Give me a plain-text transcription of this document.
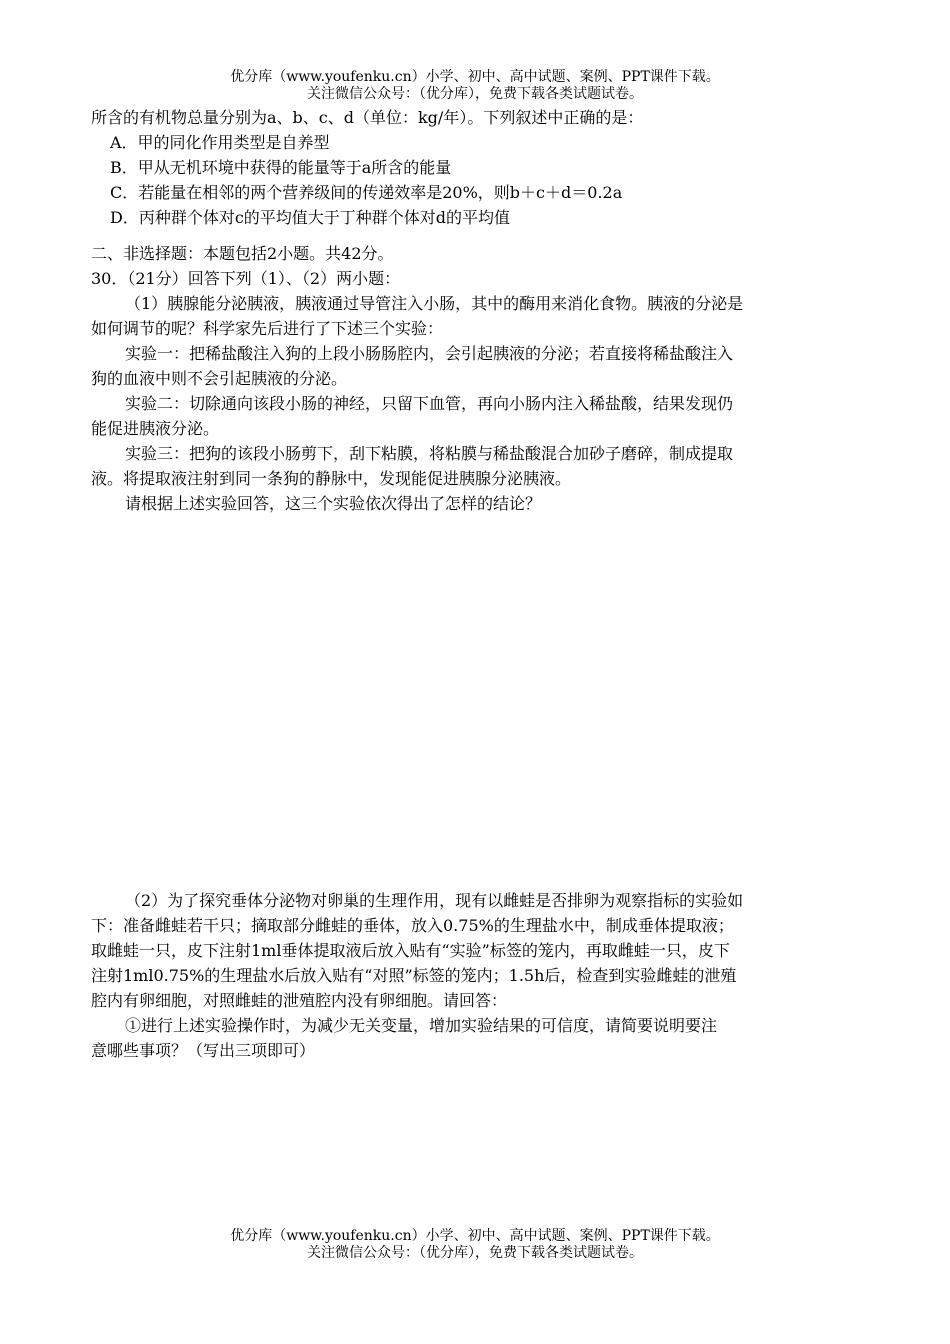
优分库（www.youfenku.cn）小学、初中、高中试题、案例、PPT课件下载。
关注微信公众号：（优分库），免费下载各类试题试卷。
所含的有机物总量分别为a、b、c、d（单位：kg/年）。下列叙述中正确的是：
A．甲的同化作用类型是自养型
B．甲从无机环境中获得的能量等于a所含的能量
C．若能量在相邻的两个营养级间的传递效率是20%，则b＋c＋d＝0.2a
D．丙种群个体对c的平均值大于丁种群个体对d的平均值
二、非选择题：本题包括2小题。共42分。
30．（21分）回答下列（1）、（2）两小题：
（1）胰腺能分泌胰液，胰液通过导管注入小肠，其中的酶用来消化食物。胰液的分泌是
如何调节的呢？科学家先后进行了下述三个实验：
实验一：把稀盐酸注入狗的上段小肠肠腔内，会引起胰液的分泌；若直接将稀盐酸注入
狗的血液中则不会引起胰液的分泌。
实验二：切除通向该段小肠的神经，只留下血管，再向小肠内注入稀盐酸，结果发现仍
能促进胰液分泌。
实验三：把狗的该段小肠剪下，刮下粘膜，将粘膜与稀盐酸混合加砂子磨碎，制成提取
液。将提取液注射到同一条狗的静脉中，发现能促进胰腺分泌胰液。
请根据上述实验回答，这三个实验依次得出了怎样的结论？
（2）为了探究垂体分泌物对卵巢的生理作用，现有以雌蛙是否排卵为观察指标的实验如
下：准备雌蛙若干只；摘取部分雌蛙的垂体，放入0.75%的生理盐水中，制成垂体提取液；
取雌蛙一只，皮下注射1ml垂体提取液后放入贴有“实验”标签的笼内，再取雌蛙一只，皮下
注射1ml0.75%的生理盐水后放入贴有“对照”标签的笼内；1.5h后，检查到实验雌蛙的泄殖
腔内有卵细胞，对照雌蛙的泄殖腔内没有卵细胞。请回答：
①进行上述实验操作时，为减少无关变量，增加实验结果的可信度，请简要说明要注
意哪些事项？（写出三项即可）
优分库（www.youfenku.cn）小学、初中、高中试题、案例、PPT课件下载。
关注微信公众号：（优分库），免费下载各类试题试卷。
